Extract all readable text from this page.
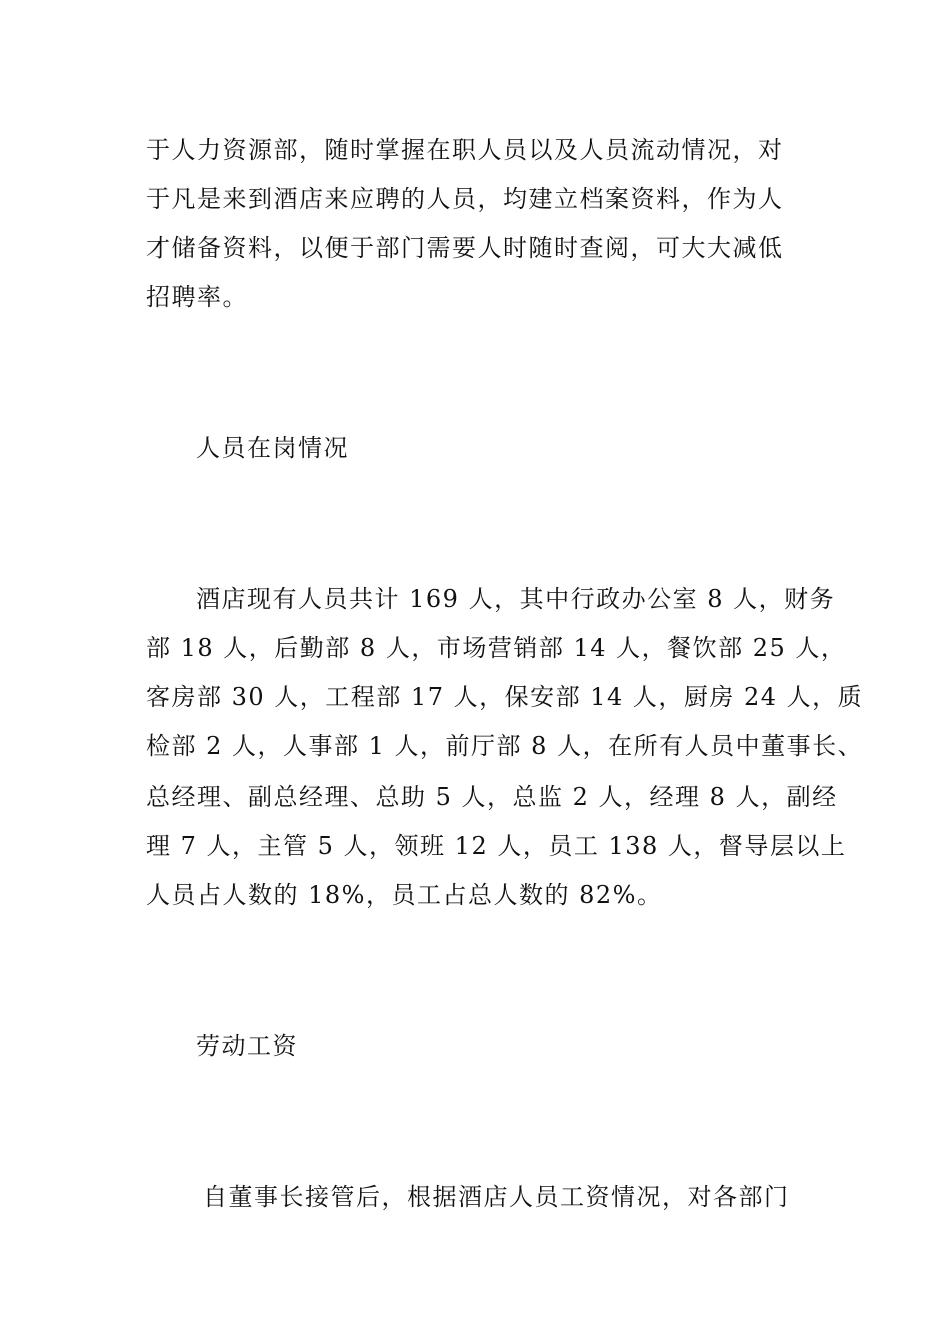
于人力资源部，随时掌握在职人员以及人员流动情况，对
于凡是来到酒店来应聘的人员，均建立档案资料，作为人
才储备资料，以便于部门需要人时随时查阅，可大大减低
招聘率。
人员在岗情况
酒店现有人员共计 169 人，其中行政办公室 8 人，财务
部 18 人，后勤部 8 人，市场营销部 14 人，餐饮部 25 人，
客房部 30 人，工程部 17 人，保安部 14 人，厨房 24 人，质
检部 2 人，人事部 1 人，前厅部 8 人，在所有人员中董事长、
总经理、副总经理、总助 5 人，总监 2 人，经理 8 人，副经
理 7 人，主管 5 人，领班 12 人，员工 138 人，督导层以上
人员占人数的 18%，员工占总人数的 82%。
劳动工资
自董事长接管后，根据酒店人员工资情况，对各部门
